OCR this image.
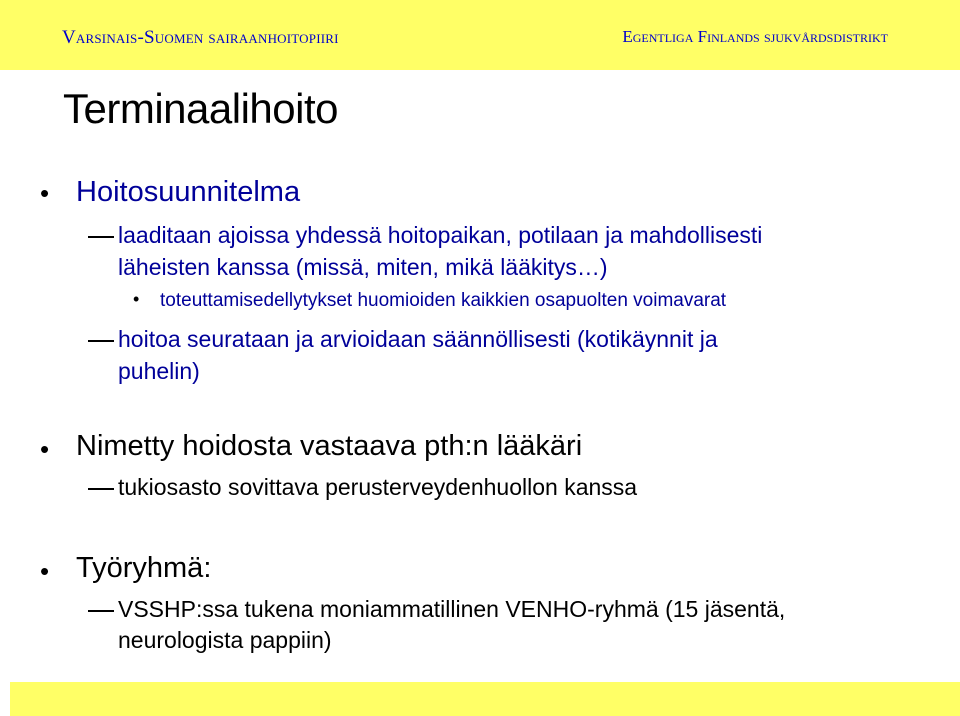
Varsinais-Suomen sairaanhoitopiiri	Egentliga Finlands sjukvårdsdistrikt
Terminaalihoito
• Hoitosuunnitelma
laaditaan ajoissa yhdessä hoitopaikan, potilaan ja mahdollisesti
läheisten kanssa (missä, miten, mikä lääkitys…)
• toteuttamisedellytykset huomioiden kaikkien osapuolten voimavarat
hoitoa seurataan ja arvioidaan säännöllisesti (kotikäynnit ja
puhelin)
• Nimetty hoidosta vastaava pth:n lääkäri
tukiosasto sovittava perusterveydenhuollon kanssa
• Työryhmä:
VSSHP:ssa tukena moniammatillinen VENHO-ryhmä (15 jäsentä,
neurologista pappiin)
